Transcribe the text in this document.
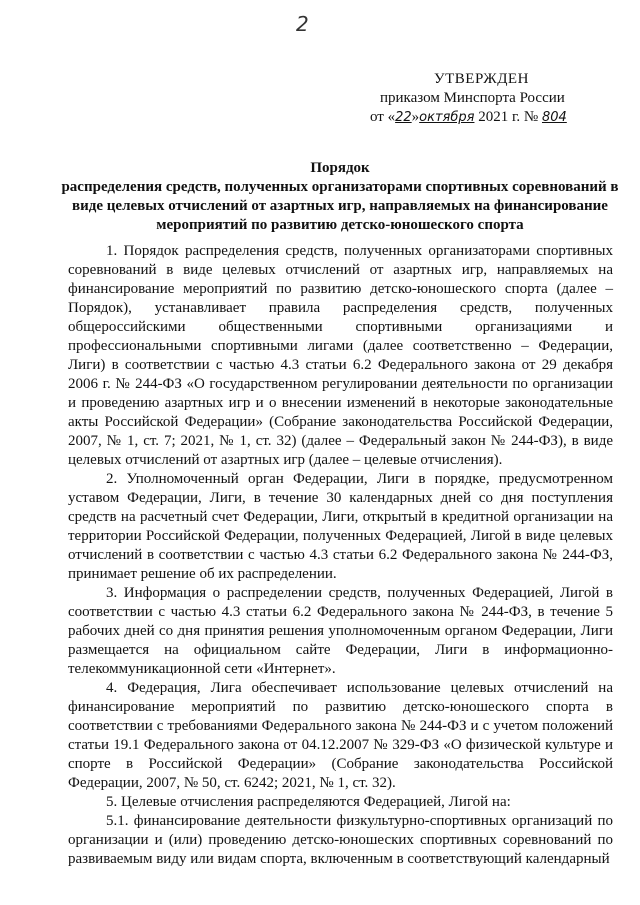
2
УТВЕРЖДЕН
приказом Минспорта России
от «22»октября 2021 г. № 804
Порядок
распределения средств, полученных организаторами спортивных соревнований в виде целевых отчислений от азартных игр, направляемых на финансирование мероприятий по развитию детско-юношеского спорта

1. Порядок распределения средств, полученных организаторами спортивных соревнований в виде целевых отчислений от азартных игр, направляемых на финансирование мероприятий по развитию детско-юношеского спорта (далее – Порядок), устанавливает правила распределения средств, полученных общероссийскими общественными спортивными организациями и профессиональными спортивными лигами (далее соответственно – Федерации, Лиги) в соответствии с частью 4.3 статьи 6.2 Федерального закона от 29 декабря 2006 г. № 244-ФЗ «О государственном регулировании деятельности по организации и проведению азартных игр и о внесении изменений в некоторые законодательные акты Российской Федерации» (Собрание законодательства Российской Федерации, 2007, № 1, ст. 7; 2021, № 1, ст. 32) (далее – Федеральный закон № 244-ФЗ), в виде целевых отчислений от азартных игр (далее – целевые отчисления).

2. Уполномоченный орган Федерации, Лиги в порядке, предусмотренном уставом Федерации, Лиги, в течение 30 календарных дней со дня поступления средств на расчетный счет Федерации, Лиги, открытый в кредитной организации на территории Российской Федерации, полученных Федерацией, Лигой в виде целевых отчислений в соответствии с частью 4.3 статьи 6.2 Федерального закона № 244-ФЗ, принимает решение об их распределении.

3. Информация о распределении средств, полученных Федерацией, Лигой в соответствии с частью 4.3 статьи 6.2 Федерального закона № 244-ФЗ, в течение 5 рабочих дней со дня принятия решения уполномоченным органом Федерации, Лиги размещается на официальном сайте Федерации, Лиги в информационно-телекоммуникационной сети «Интернет».

4. Федерация, Лига обеспечивает использование целевых отчислений на финансирование мероприятий по развитию детско-юношеского спорта в соответствии с требованиями Федерального закона № 244-ФЗ и с учетом положений статьи 19.1 Федерального закона от 04.12.2007 № 329-ФЗ «О физической культуре и спорте в Российской Федерации» (Собрание законодательства Российской Федерации, 2007, № 50, ст. 6242; 2021, № 1, ст. 32).

5. Целевые отчисления распределяются Федерацией, Лигой на:

5.1. финансирование деятельности физкультурно-спортивных организаций по организации и (или) проведению детско-юношеских спортивных соревнований по развиваемым виду или видам спорта, включенным в соответствующий календарный
